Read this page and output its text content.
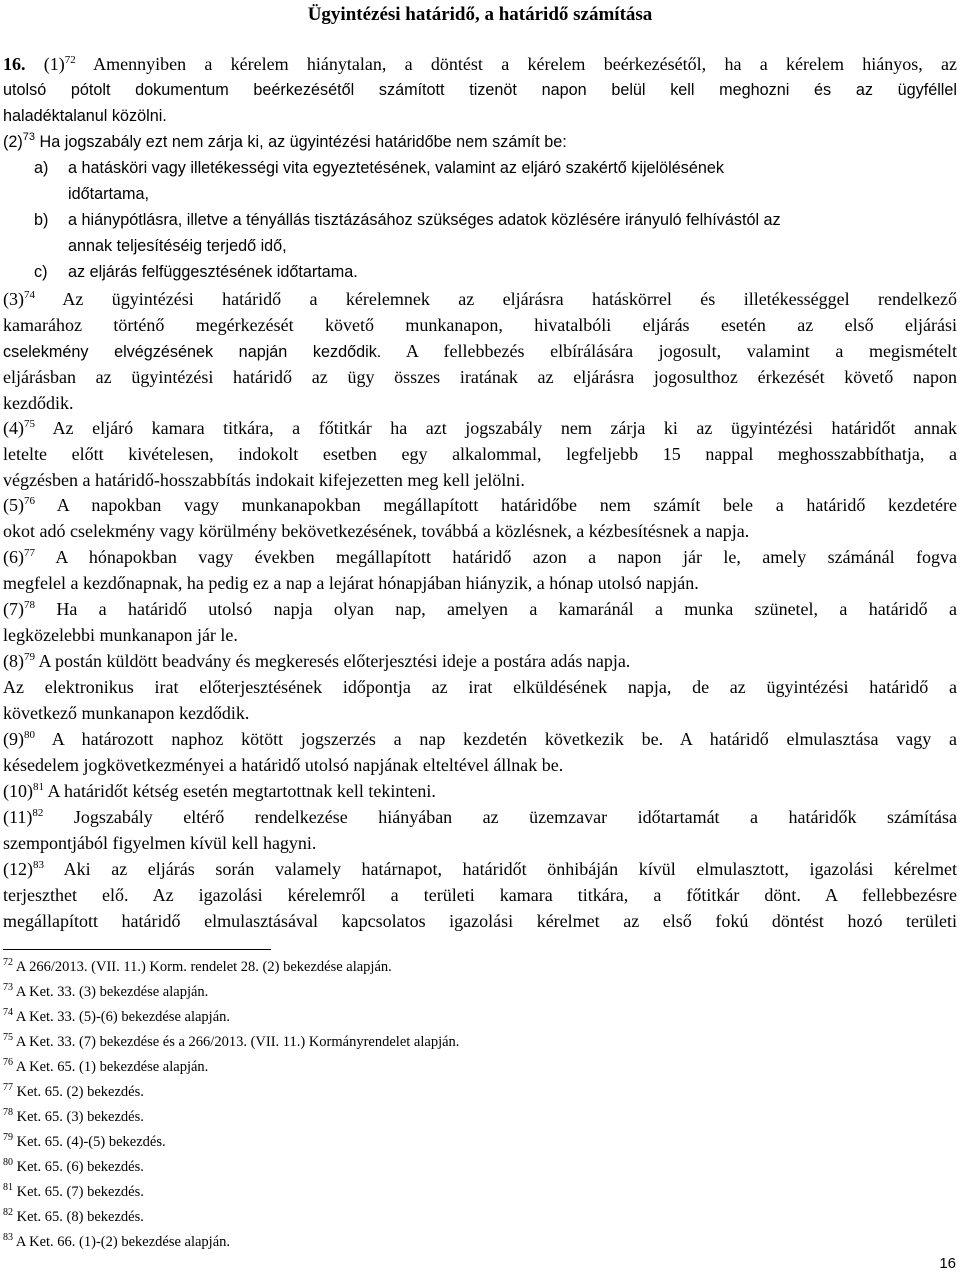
Ügyintézési határidő, a határidő számítása
16. $(1)^{72}$ Amennyiben a kérelem hiánytalan, a döntést a kérelem beérkezésétől, ha a kérelem hiányos, az
utolsó pótolt dokumentum beérkezésétől számított tizenöt napon belül kell meghozni és az ügyféllel
haladéktalanul közölni.
$(2)^{73}$ Ha jogszabály ezt nem zárja ki, az ügyintézési határidőbe nem számít be:
a) a hatásköri vagy illetékességi vita egyeztetésének, valamint az eljáró szakértő kijelölésének
időtartama,
b) a hiánypótlásra, illetve a tényállás tisztázásához szükséges adatok közlésére irányuló felhívástól az
annak teljesítéséig terjedő idő,
c) az eljárás felfüggesztésének időtartama.
$(3)^{74}$ Az ügyintézési határidő a kérelemnek az eljárásra hatáskörrel és illetékességgel rendelkező
kamarához történő megérkezését követő munkanapon, hivatalbóli eljárás esetén az első eljárási
cselekmény elvégzésének napján kezdődik. A fellebbezés elbírálására jogosult, valamint a megismételt
eljárásban az ügyintézési határidő az ügy összes iratának az eljárásra jogosulthoz érkezését követő napon
kezdődik.
$(4)^{75}$ Az eljáró kamara titkára, a főtitkár ha azt jogszabály nem zárja ki az ügyintézési határidőt annak
letelte előtt kivételesen, indokolt esetben egy alkalommal, legfeljebb 15 nappal meghosszabbíthatja, a
végzésben a határidő-hosszabbítás indokait kifejezetten meg kell jelölni.
$(5)^{76}$ A napokban vagy munkanapokban megállapított határidőbe nem számít bele a határidő kezdetére
okot adó cselekmény vagy körülmény bekövetkezésének, továbbá a közlésnek, a kézbesítésnek a napja.
$(6)^{77}$ A hónapokban vagy években megállapított határidő azon a napon jár le, amely számánál fogva
megfelel a kezdőnapnak, ha pedig ez a nap a lejárat hónapjában hiányzik, a hónap utolsó napján.
$(7)^{78}$ Ha a határidő utolsó napja olyan nap, amelyen a kamaránál a munka szünetel, a határidő a
legközelebbi munkanapon jár le.
$(8)^{79}$ A postán küldött beadvány és megkeresés előterjesztési ideje a postára adás napja.
Az elektronikus irat előterjesztésének időpontja az irat elküldésének napja, de az ügyintézési határidő a
következő munkanapon kezdődik.
$(9)^{80}$ A határozott naphoz kötött jogszerzés a nap kezdetén következik be. A határidő elmulasztása vagy a
késedelem jogkövetkezményei a határidő utolsó napjának elteltével állnak be.
$(10)^{81}$ A határidőt kétség esetén megtartottnak kell tekinteni.
$(11)^{82}$ Jogszabály eltérő rendelkezése hiányában az üzemzavar időtartamát a határidők számítása
szempontjából figyelmen kívül kell hagyni.
$(12)^{83}$ Aki az eljárás során valamely határnapot, határidőt önhibáján kívül elmulasztott, igazolási kérelmet
terjeszthet elő. Az igazolási kérelemről a területi kamara titkára, a főtitkár dönt. A fellebbezésre
megállapított határidő elmulasztásával kapcsolatos igazolási kérelmet az első fokú döntést hozó területi
$^{72}$ A 266/2013. (VII. 11.) Korm. rendelet 28. (2) bekezdése alapján.
$^{73}$ A Ket. 33. (3) bekezdése alapján.
$^{74}$ A Ket. 33. (5)-(6) bekezdése alapján.
$^{75}$ A Ket. 33. (7) bekezdése és a 266/2013. (VII. 11.) Kormányrendelet alapján.
$^{76}$ A Ket. 65. (1) bekezdése alapján.
$^{77}$ Ket. 65. (2) bekezdés.
$^{78}$ Ket. 65. (3) bekezdés.
$^{79}$ Ket. 65. (4)-(5) bekezdés.
$^{80}$ Ket. 65. (6) bekezdés.
$^{81}$ Ket. 65. (7) bekezdés.
$^{82}$ Ket. 65. (8) bekezdés.
$^{83}$ A Ket. 66. (1)-(2) bekezdése alapján.
16
